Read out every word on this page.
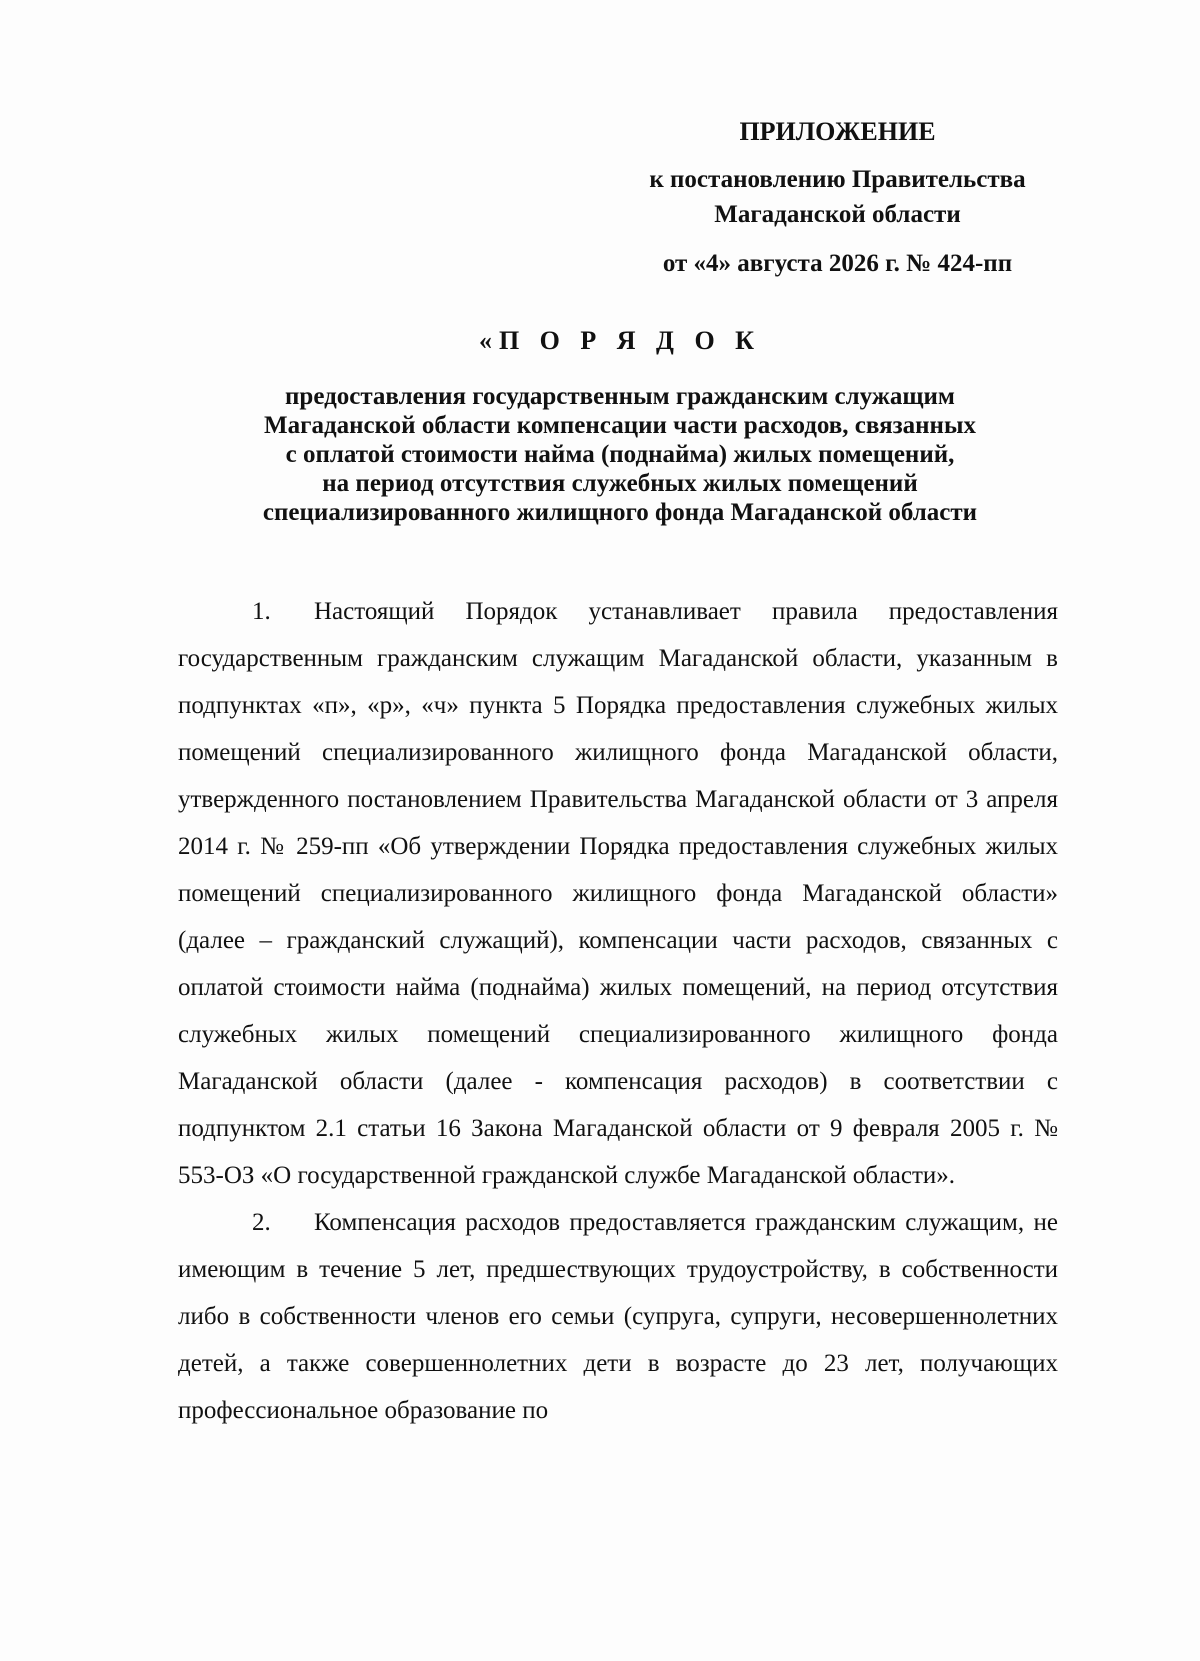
ПРИЛОЖЕНИЕ
к постановлению Правительства
Магаданской области
от «4» августа 2026 г. № 424-пп
«П О Р Я Д О К
предоставления государственным гражданским служащим
Магаданской области компенсации части расходов, связанных
с оплатой стоимости найма (поднайма) жилых помещений,
на период отсутствия служебных жилых помещений
специализированного жилищного фонда Магаданской области

1. Настоящий Порядок устанавливает правила предоставления государственным гражданским служащим Магаданской области, указанным в подпунктах «п», «р», «ч» пункта 5 Порядка предоставления служебных жилых помещений специализированного жилищного фонда Магаданской области, утвержденного постановлением Правительства Магаданской области от 3 апреля 2014 г. № 259-пп «Об утверждении Порядка предоставления служебных жилых помещений специализированного жилищного фонда Магаданской области» (далее – гражданский служащий), компенсации части расходов, связанных с оплатой стоимости найма (поднайма) жилых помещений, на период отсутствия служебных жилых помещений специализированного жилищного фонда Магаданской области (далее - компенсация расходов) в соответствии с подпунктом 2.1 статьи 16 Закона Магаданской области от 9 февраля 2005 г. № 553-ОЗ «О государственной гражданской службе Магаданской области».

2. Компенсация расходов предоставляется гражданским служащим, не имеющим в течение 5 лет, предшествующих трудоустройству, в собственности либо в собственности членов его семьи (супруга, супруги, несовершеннолетних детей, а также совершеннолетних дети в возрасте до 23 лет, получающих профессиональное образование по
